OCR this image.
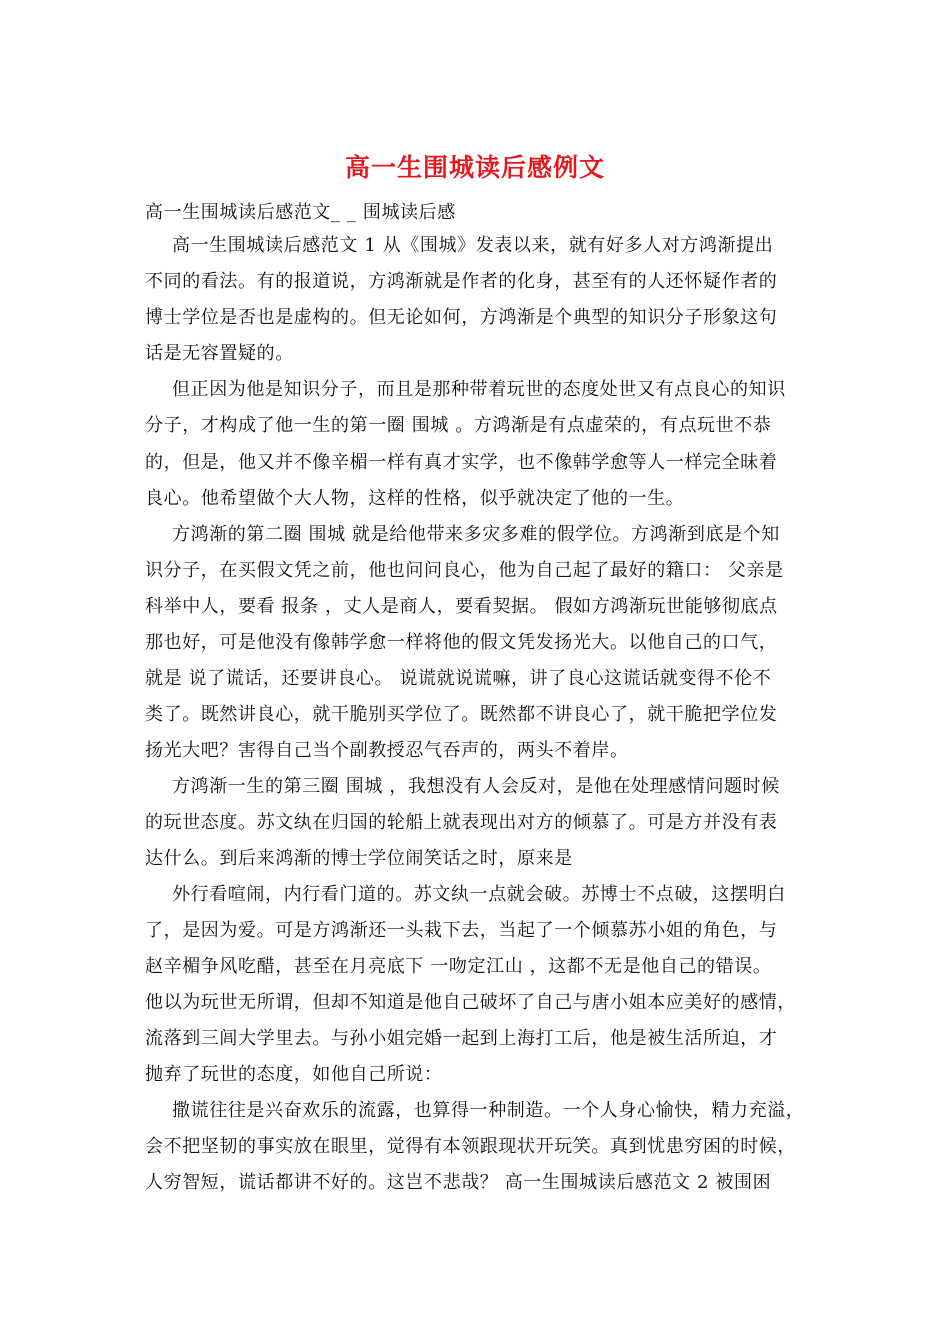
高一生围城读后感例文
高一生围城读后感范文_ _ 围城读后感
高一生围城读后感范文 1 从《围城》发表以来，就有好多人对方鸿渐提出
不同的看法。有的报道说，方鸿渐就是作者的化身，甚至有的人还怀疑作者的
博士学位是否也是虚构的。但无论如何，方鸿渐是个典型的知识分子形象这句
话是无容置疑的。
但正因为他是知识分子，而且是那种带着玩世的态度处世又有点良心的知识
分子，才构成了他一生的第一圈 围城 。方鸿渐是有点虚荣的，有点玩世不恭
的，但是，他又并不像辛楣一样有真才实学，也不像韩学愈等人一样完全昧着
良心。他希望做个大人物，这样的性格，似乎就决定了他的一生。
方鸿渐的第二圈 围城 就是给他带来多灾多难的假学位。方鸿渐到底是个知
识分子，在买假文凭之前，他也问问良心，他为自己起了最好的籍口： 父亲是
科举中人，要看 报条 ，丈人是商人，要看契据。 假如方鸿渐玩世能够彻底点
那也好，可是他没有像韩学愈一样将他的假文凭发扬光大。以他自己的口气，
就是 说了谎话，还要讲良心。 说谎就说谎嘛，讲了良心这谎话就变得不伦不
类了。既然讲良心，就干脆别买学位了。既然都不讲良心了，就干脆把学位发
扬光大吧？害得自己当个副教授忍气吞声的，两头不着岸。
方鸿渐一生的第三圈 围城 ，我想没有人会反对，是他在处理感情问题时候
的玩世态度。苏文纨在归国的轮船上就表现出对方的倾慕了。可是方并没有表
达什么。到后来鸿渐的博士学位闹笑话之时，原来是
外行看喧闹，内行看门道的。苏文纨一点就会破。苏博士不点破，这摆明白
了，是因为爱。可是方鸿渐还一头栽下去，当起了一个倾慕苏小姐的角色，与
赵辛楣争风吃醋，甚至在月亮底下 一吻定江山 ，这都不无是他自己的错误。
他以为玩世无所谓，但却不知道是他自己破坏了自己与唐小姐本应美好的感情，
流落到三闾大学里去。与孙小姐完婚一起到上海打工后，他是被生活所迫，才
抛弃了玩世的态度，如他自己所说：
撒谎往往是兴奋欢乐的流露，也算得一种制造。一个人身心愉快，精力充溢，
会不把坚韧的事实放在眼里，觉得有本领跟现状开玩笑。真到忧患穷困的时候，
人穷智短，谎话都讲不好的。这岂不悲哉？ 高一生围城读后感范文 2 被围困
